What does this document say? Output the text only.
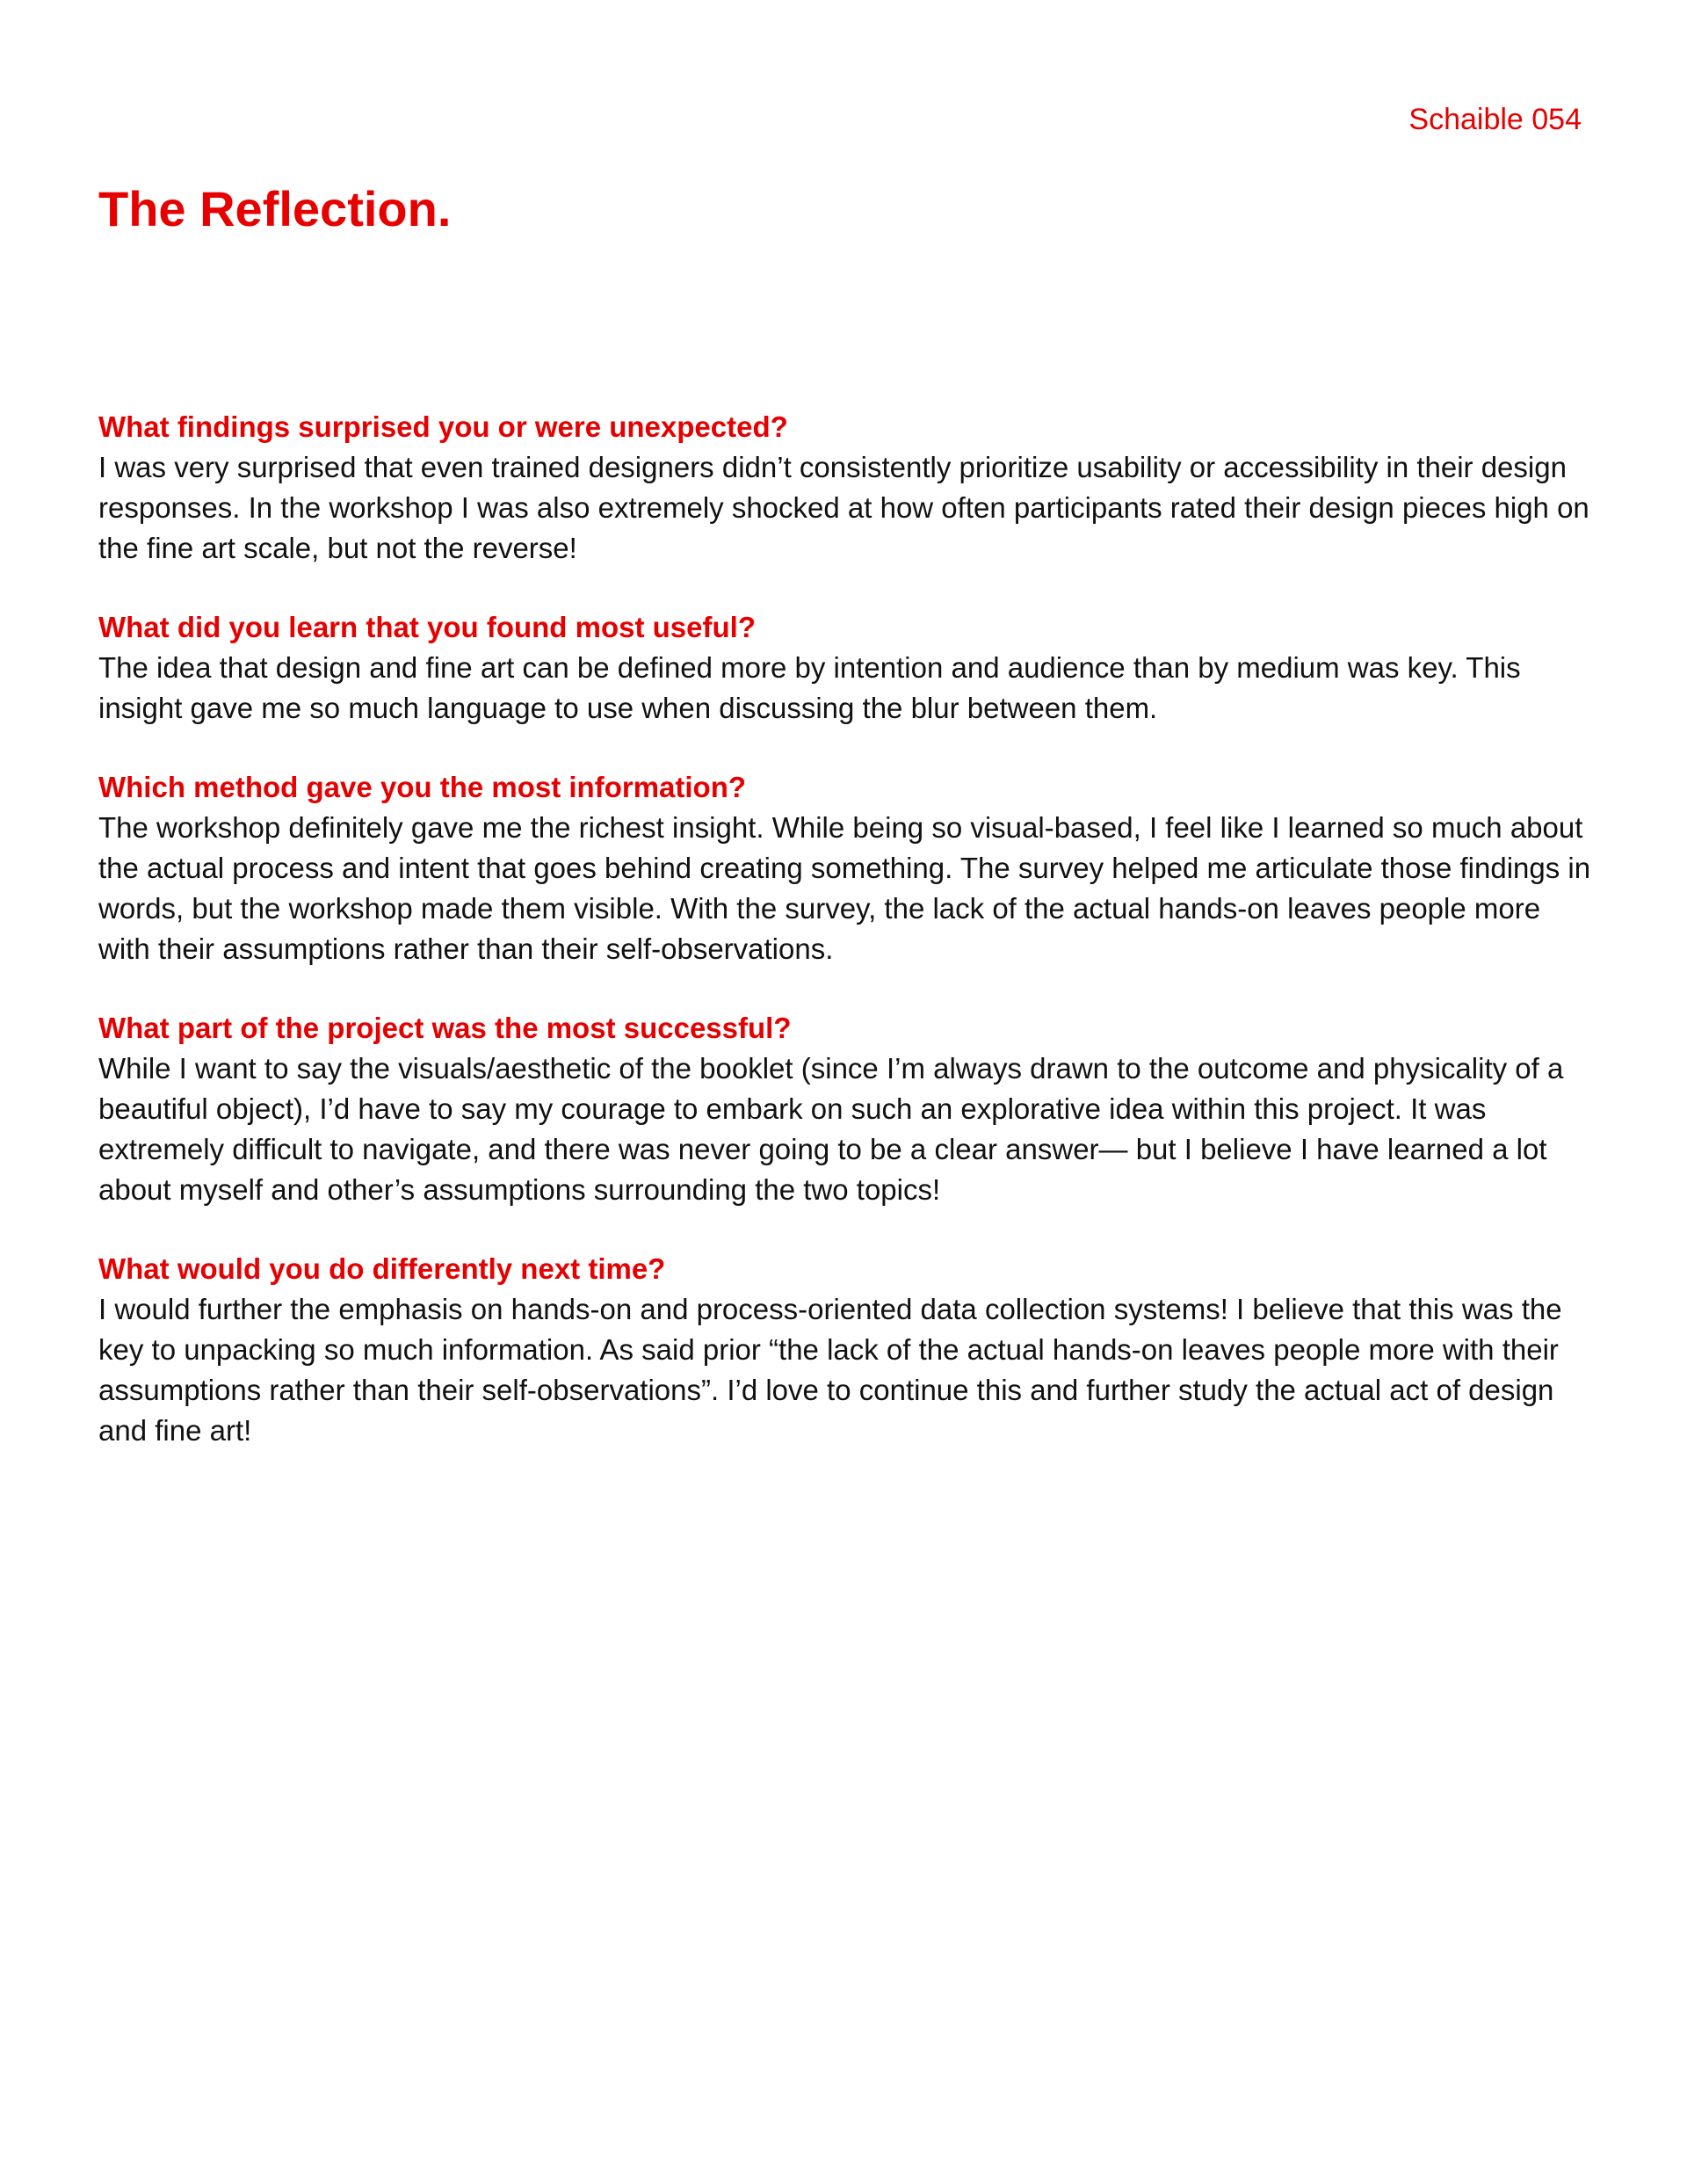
Schaible 054
The Reflection.

What findings surprised you or were unexpected?

I was very surprised that even trained designers didn’t consistently prioritize usability or accessibility in their design responses. In the workshop I was also extremely shocked at how often participants rated their design pieces high on the fine art scale, but not the reverse!

What did you learn that you found most useful?

The idea that design and fine art can be defined more by intention and audience than by medium was key. This insight gave me so much language to use when discussing the blur between them.

Which method gave you the most information?

The workshop definitely gave me the richest insight. While being so visual-based, I feel like I learned so much about the actual process and intent that goes behind creating something. The survey helped me articulate those findings in words, but the workshop made them visible. With the survey, the lack of the actual hands-on leaves people more with their assumptions rather than their self-observations.

What part of the project was the most successful?

While I want to say the visuals/aesthetic of the booklet (since I’m always drawn to the outcome and physicality of a beautiful object), I’d have to say my courage to embark on such an explorative idea within this project. It was extremely difficult to navigate, and there was never going to be a clear answer— but I believe I have learned a lot about myself and other’s assumptions surrounding the two topics!

What would you do differently next time?

I would further the emphasis on hands-on and process-oriented data collection systems! I believe that this was the key to unpacking so much information. As said prior “the lack of the actual hands-on leaves people more with their assumptions rather than their self-observations”. I’d love to continue this and further study the actual act of design and fine art!
